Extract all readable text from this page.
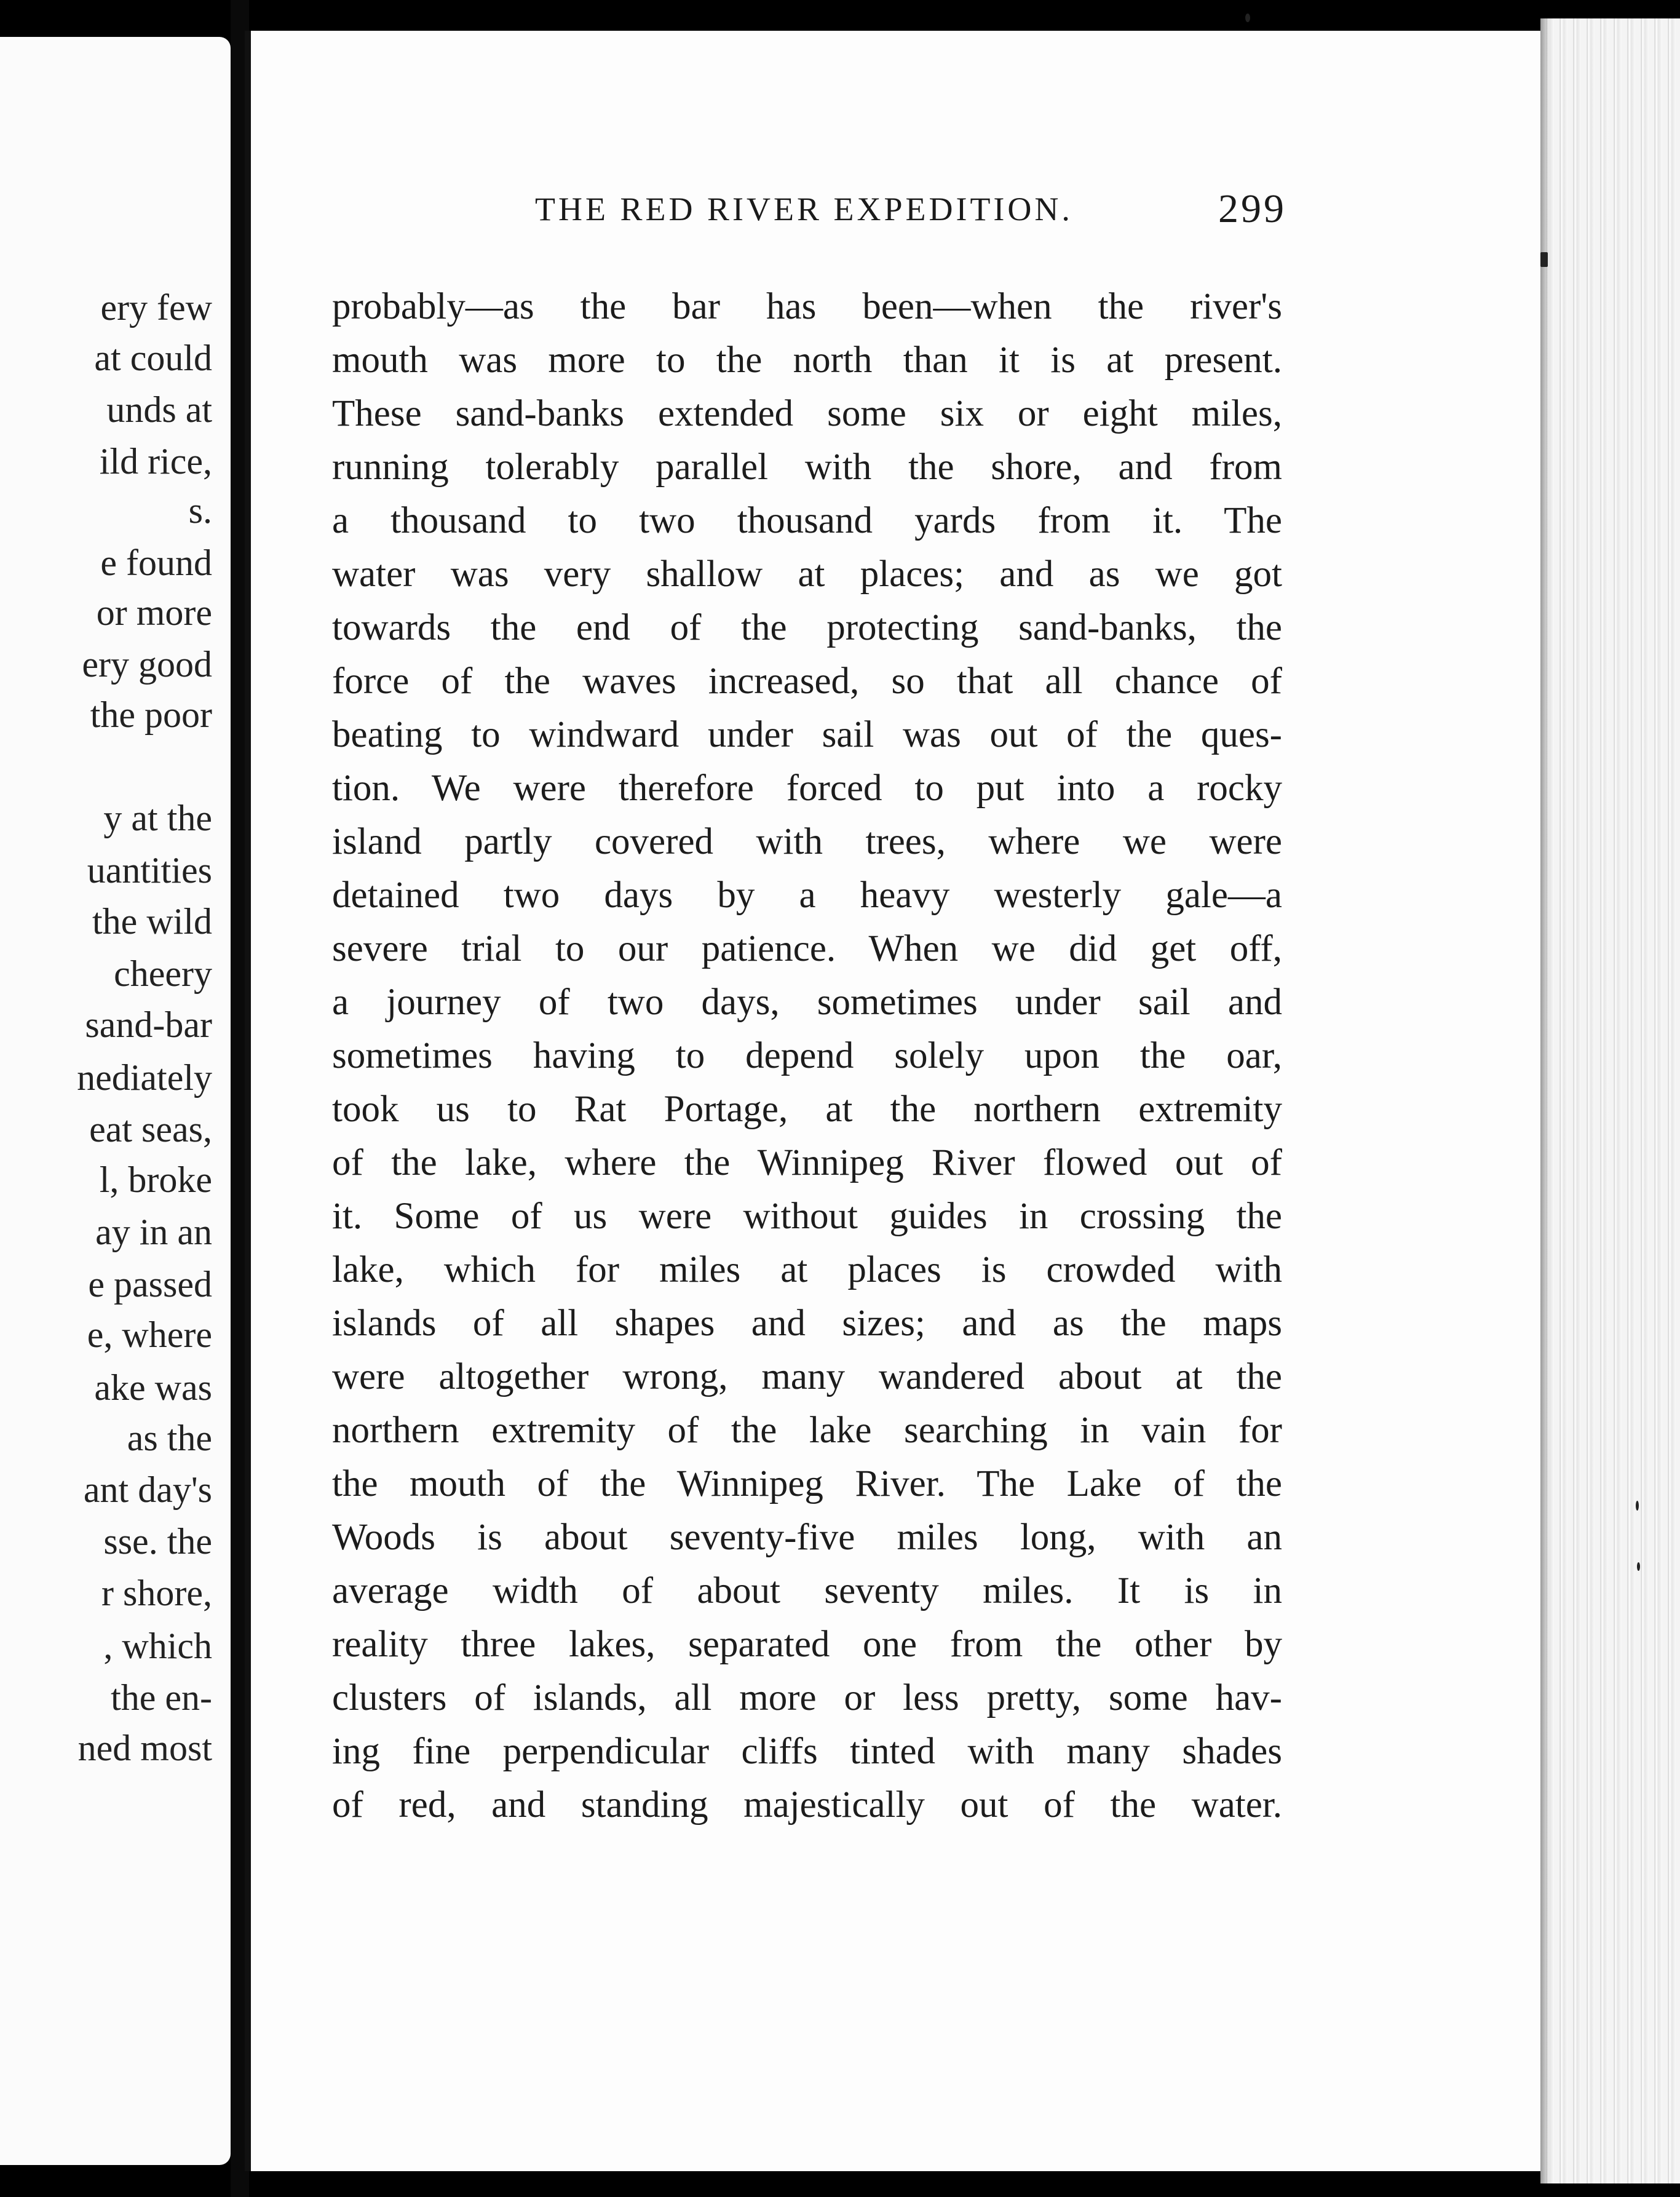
ery few
at could
unds at
ild rice,
s.
e found
or more
ery good
the poor
y at the
uantities
the wild
cheery
sand-bar
nediately
eat seas,
l, broke
ay in an
e passed
e, where
ake was
as the
ant day's
sse. the
r shore,
, which
the en-
ned most
THE RED RIVER EXPEDITION.	299
probably—as the bar has been—when the river's
mouth was more to the north than it is at present.
These sand-banks extended some six or eight miles,
running tolerably parallel with the shore, and from
a thousand to two thousand yards from it. The
water was very shallow at places; and as we got
towards the end of the protecting sand-banks, the
force of the waves increased, so that all chance of
beating to windward under sail was out of the ques-
tion. We were therefore forced to put into a rocky
island partly covered with trees, where we were
detained two days by a heavy westerly gale—a
severe trial to our patience. When we did get off,
a journey of two days, sometimes under sail and
sometimes having to depend solely upon the oar,
took us to Rat Portage, at the northern extremity
of the lake, where the Winnipeg River flowed out of
it. Some of us were without guides in crossing the
lake, which for miles at places is crowded with
islands of all shapes and sizes; and as the maps
were altogether wrong, many wandered about at the
northern extremity of the lake searching in vain for
the mouth of the Winnipeg River. The Lake of the
Woods is about seventy-five miles long, with an
average width of about seventy miles. It is in
reality three lakes, separated one from the other by
clusters of islands, all more or less pretty, some hav-
ing fine perpendicular cliffs tinted with many shades
of red, and standing majestically out of the water.
